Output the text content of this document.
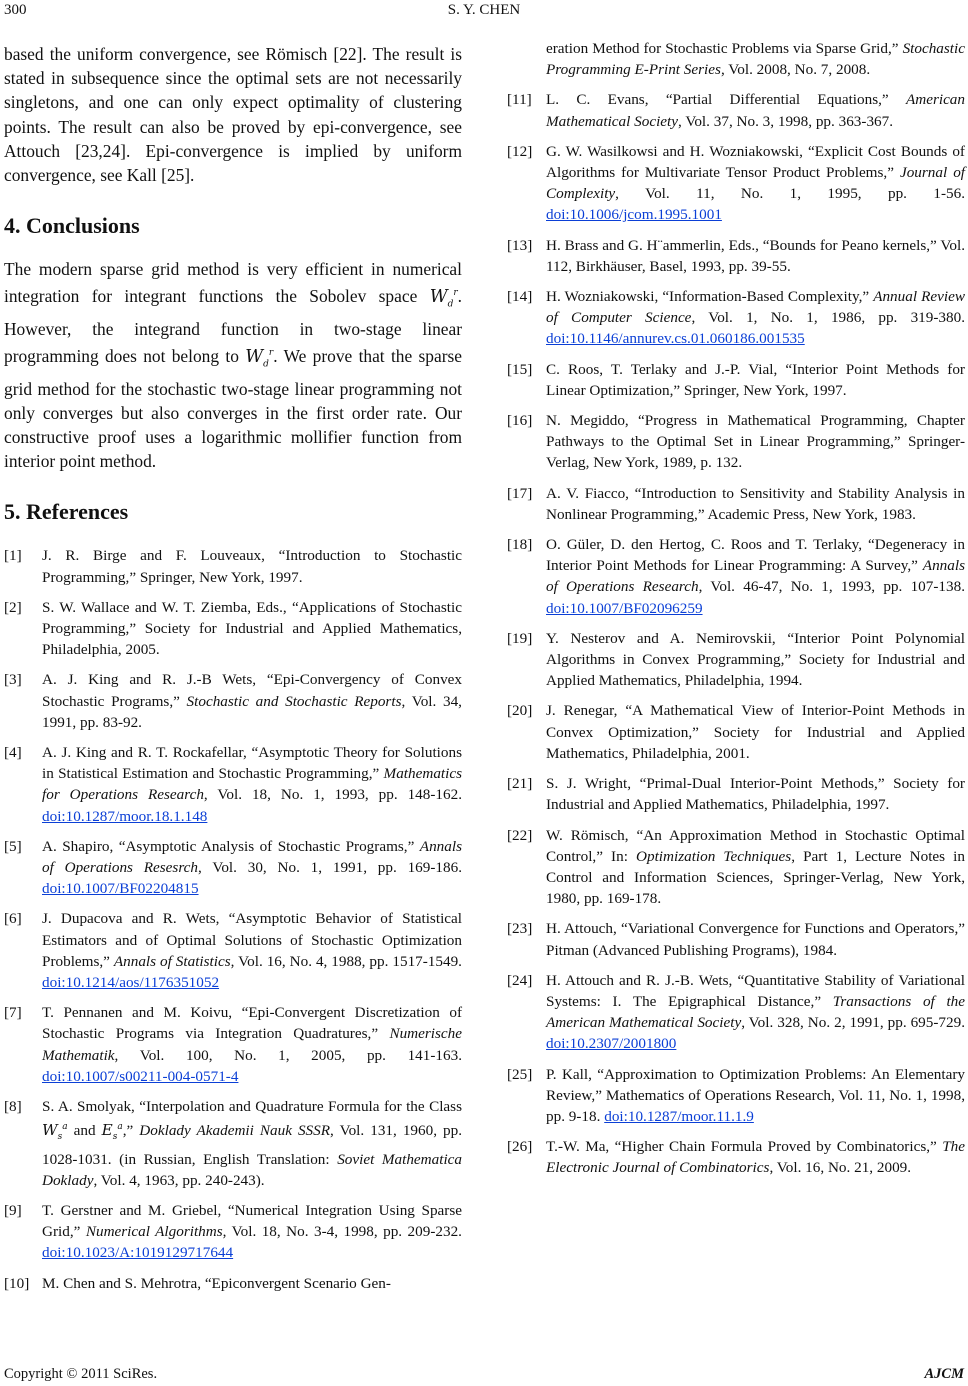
300	S. Y. CHEN

based the uniform convergence, see Römisch [22]. The result is stated in subsequence since the optimal sets are not necessarily singletons, and one can only expect optimality of clustering points. The result can also be proved by epi-convergence, see Attouch [23,24]. Epi-convergence is implied by uniform convergence, see Kall [25].

4. Conclusions

The modern sparse grid method is very efficient in numerical integration for integrant functions the Sobolev space $W_d^r$. However, the integrand function in two-stage linear programming does not belong to $W_d^r$. We prove that the sparse grid method for the stochastic two-stage linear programming not only converges but also converges in the first order rate. Our constructive proof uses a logarithmic mollifier function from interior point method.

5. References
[1] J. R. Birge and F. Louveaux, “Introduction to Stochastic Programming,” Springer, New York, 1997.
[2] S. W. Wallace and W. T. Ziemba, Eds., “Applications of Stochastic Programming,” Society for Industrial and Applied Mathematics, Philadelphia, 2005.
[3] A. J. King and R. J.-B Wets, “Epi-Convergency of Convex Stochastic Programs,” Stochastic and Stochastic Reports, Vol. 34, 1991, pp. 83-92.
[4] A. J. King and R. T. Rockafellar, “Asymptotic Theory for Solutions in Statistical Estimation and Stochastic Programming,” Mathematics for Operations Research, Vol. 18, No. 1, 1993, pp. 148-162. doi:10.1287/moor.18.1.148
[5] A. Shapiro, “Asymptotic Analysis of Stochastic Programs,” Annals of Operations Resesrch, Vol. 30, No. 1, 1991, pp. 169-186. doi:10.1007/BF02204815
[6] J. Dupacova and R. Wets, “Asymptotic Behavior of Statistical Estimators and of Optimal Solutions of Stochastic Optimization Problems,” Annals of Statistics, Vol. 16, No. 4, 1988, pp. 1517-1549. doi:10.1214/aos/1176351052
[7] T. Pennanen and M. Koivu, “Epi-Convergent Discretization of Stochastic Programs via Integration Quadratures,” Numerische Mathematik, Vol. 100, No. 1, 2005, pp. 141-163. doi:10.1007/s00211-004-0571-4
[8] S. A. Smolyak, “Interpolation and Quadrature Formula for the Class $W_s^a$ and $E_s^a$,” Doklady Akademii Nauk SSSR, Vol. 131, 1960, pp. 1028-1031. (in Russian, English Translation: Soviet Mathematica Doklady, Vol. 4, 1963, pp. 240-243).
[9] T. Gerstner and M. Griebel, “Numerical Integration Using Sparse Grid,” Numerical Algorithms, Vol. 18, No. 3-4, 1998, pp. 209-232. doi:10.1023/A:1019129717644
[10] M. Chen and S. Mehrotra, “Epiconvergent Scenario Gen-
eration Method for Stochastic Problems via Sparse Grid,” Stochastic Programming E-Print Series, Vol. 2008, No. 7, 2008.
[11] L. C. Evans, “Partial Differential Equations,” American Mathematical Society, Vol. 37, No. 3, 1998, pp. 363-367.
[12] G. W. Wasilkowsi and H. Wozniakowski, “Explicit Cost Bounds of Algorithms for Multivariate Tensor Product Problems,” Journal of Complexity, Vol. 11, No. 1, 1995, pp. 1-56. doi:10.1006/jcom.1995.1001
[13] H. Brass and G. H¨ammerlin, Eds., “Bounds for Peano kernels,” Vol. 112, Birkhäuser, Basel, 1993, pp. 39-55.
[14] H. Wozniakowski, “Information-Based Complexity,” Annual Review of Computer Science, Vol. 1, No. 1, 1986, pp. 319-380. doi:10.1146/annurev.cs.01.060186.001535
[15] C. Roos, T. Terlaky and J.-P. Vial, “Interior Point Methods for Linear Optimization,” Springer, New York, 1997.
[16] N. Megiddo, “Progress in Mathematical Programming, Chapter Pathways to the Optimal Set in Linear Programming,” Springer-Verlag, New York, 1989, p. 132.
[17] A. V. Fiacco, “Introduction to Sensitivity and Stability Analysis in Nonlinear Programming,” Academic Press, New York, 1983.
[18] O. Güler, D. den Hertog, C. Roos and T. Terlaky, “Degeneracy in Interior Point Methods for Linear Programming: A Survey,” Annals of Operations Research, Vol. 46-47, No. 1, 1993, pp. 107-138. doi:10.1007/BF02096259
[19] Y. Nesterov and A. Nemirovskii, “Interior Point Polynomial Algorithms in Convex Programming,” Society for Industrial and Applied Mathematics, Philadelphia, 1994.
[20] J. Renegar, “A Mathematical View of Interior-Point Methods in Convex Optimization,” Society for Industrial and Applied Mathematics, Philadelphia, 2001.
[21] S. J. Wright, “Primal-Dual Interior-Point Methods,” Society for Industrial and Applied Mathematics, Philadelphia, 1997.
[22] W. Römisch, “An Approximation Method in Stochastic Optimal Control,” In: Optimization Techniques, Part 1, Lecture Notes in Control and Information Sciences, Springer-Verlag, New York, 1980, pp. 169-178.
[23] H. Attouch, “Variational Convergence for Functions and Operators,” Pitman (Advanced Publishing Programs), 1984.
[24] H. Attouch and R. J.-B. Wets, “Quantitative Stability of Variational Systems: I. The Epigraphical Distance,” Transactions of the American Mathematical Society, Vol. 328, No. 2, 1991, pp. 695-729. doi:10.2307/2001800
[25] P. Kall, “Approximation to Optimization Problems: An Elementary Review,” Mathematics of Operations Research, Vol. 11, No. 1, 1998, pp. 9-18. doi:10.1287/moor.11.1.9
[26] T.-W. Ma, “Higher Chain Formula Proved by Combinatorics,” The Electronic Journal of Combinatorics, Vol. 16, No. 21, 2009.
Copyright © 2011 SciRes.	AJCM
